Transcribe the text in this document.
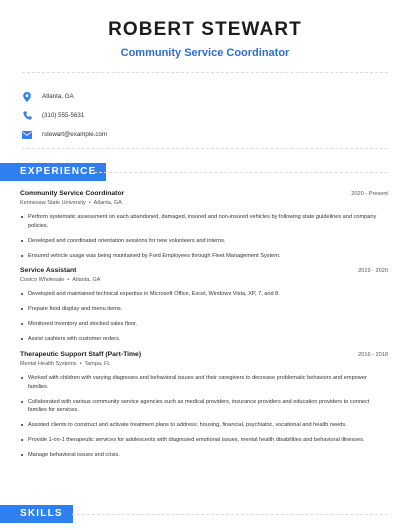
ROBERT STEWART
Community Service Coordinator
Atlanta, GA
(310) 555-5631
rstewart@example.com
EXPERIENCE
Community Service Coordinator	2020 - Present
Kennesaw State University • Atlanta, GA
Perform systematic assessment on each abandoned, damaged, insured and non-insured vehicles by following state guidelines and company policies.
Developed and coordinated orientation sessions for new volunteers and interns.
Ensured vehicle usage was being maintained by Ford Employees through Fleet Management System.
Service Assistant	2019 - 2020
Costco Wholesale • Atlanta, GA
Developed and maintained technical expertise in Microsoft Office, Excel, Windows Vista, XP, 7, and 8.
Prepare food display and menu items.
Monitored inventory and stocked sales floor.
Assist cashiers with customer orders.
Therapeutic Support Staff (Part-Time)	2016 - 2018
Mental Health Systems • Tampa, FL
Worked with children with varying diagnoses and behavioral issues and their caregivers to decrease problematic behaviors and empower families.
Collaborated with various community service agencies such as medical providers, insurance providers and education providers to connect families for services.
Assisted clients to construct and activate treatment plans to address; housing, financial, psychiatric, vocational and health needs.
Provide 1-on-1 therapeutic services for adolescents with diagnosed emotional issues, mental health disabilities and behavioral illnesses.
Manage behavioral issues and crisis.
SKILLS
